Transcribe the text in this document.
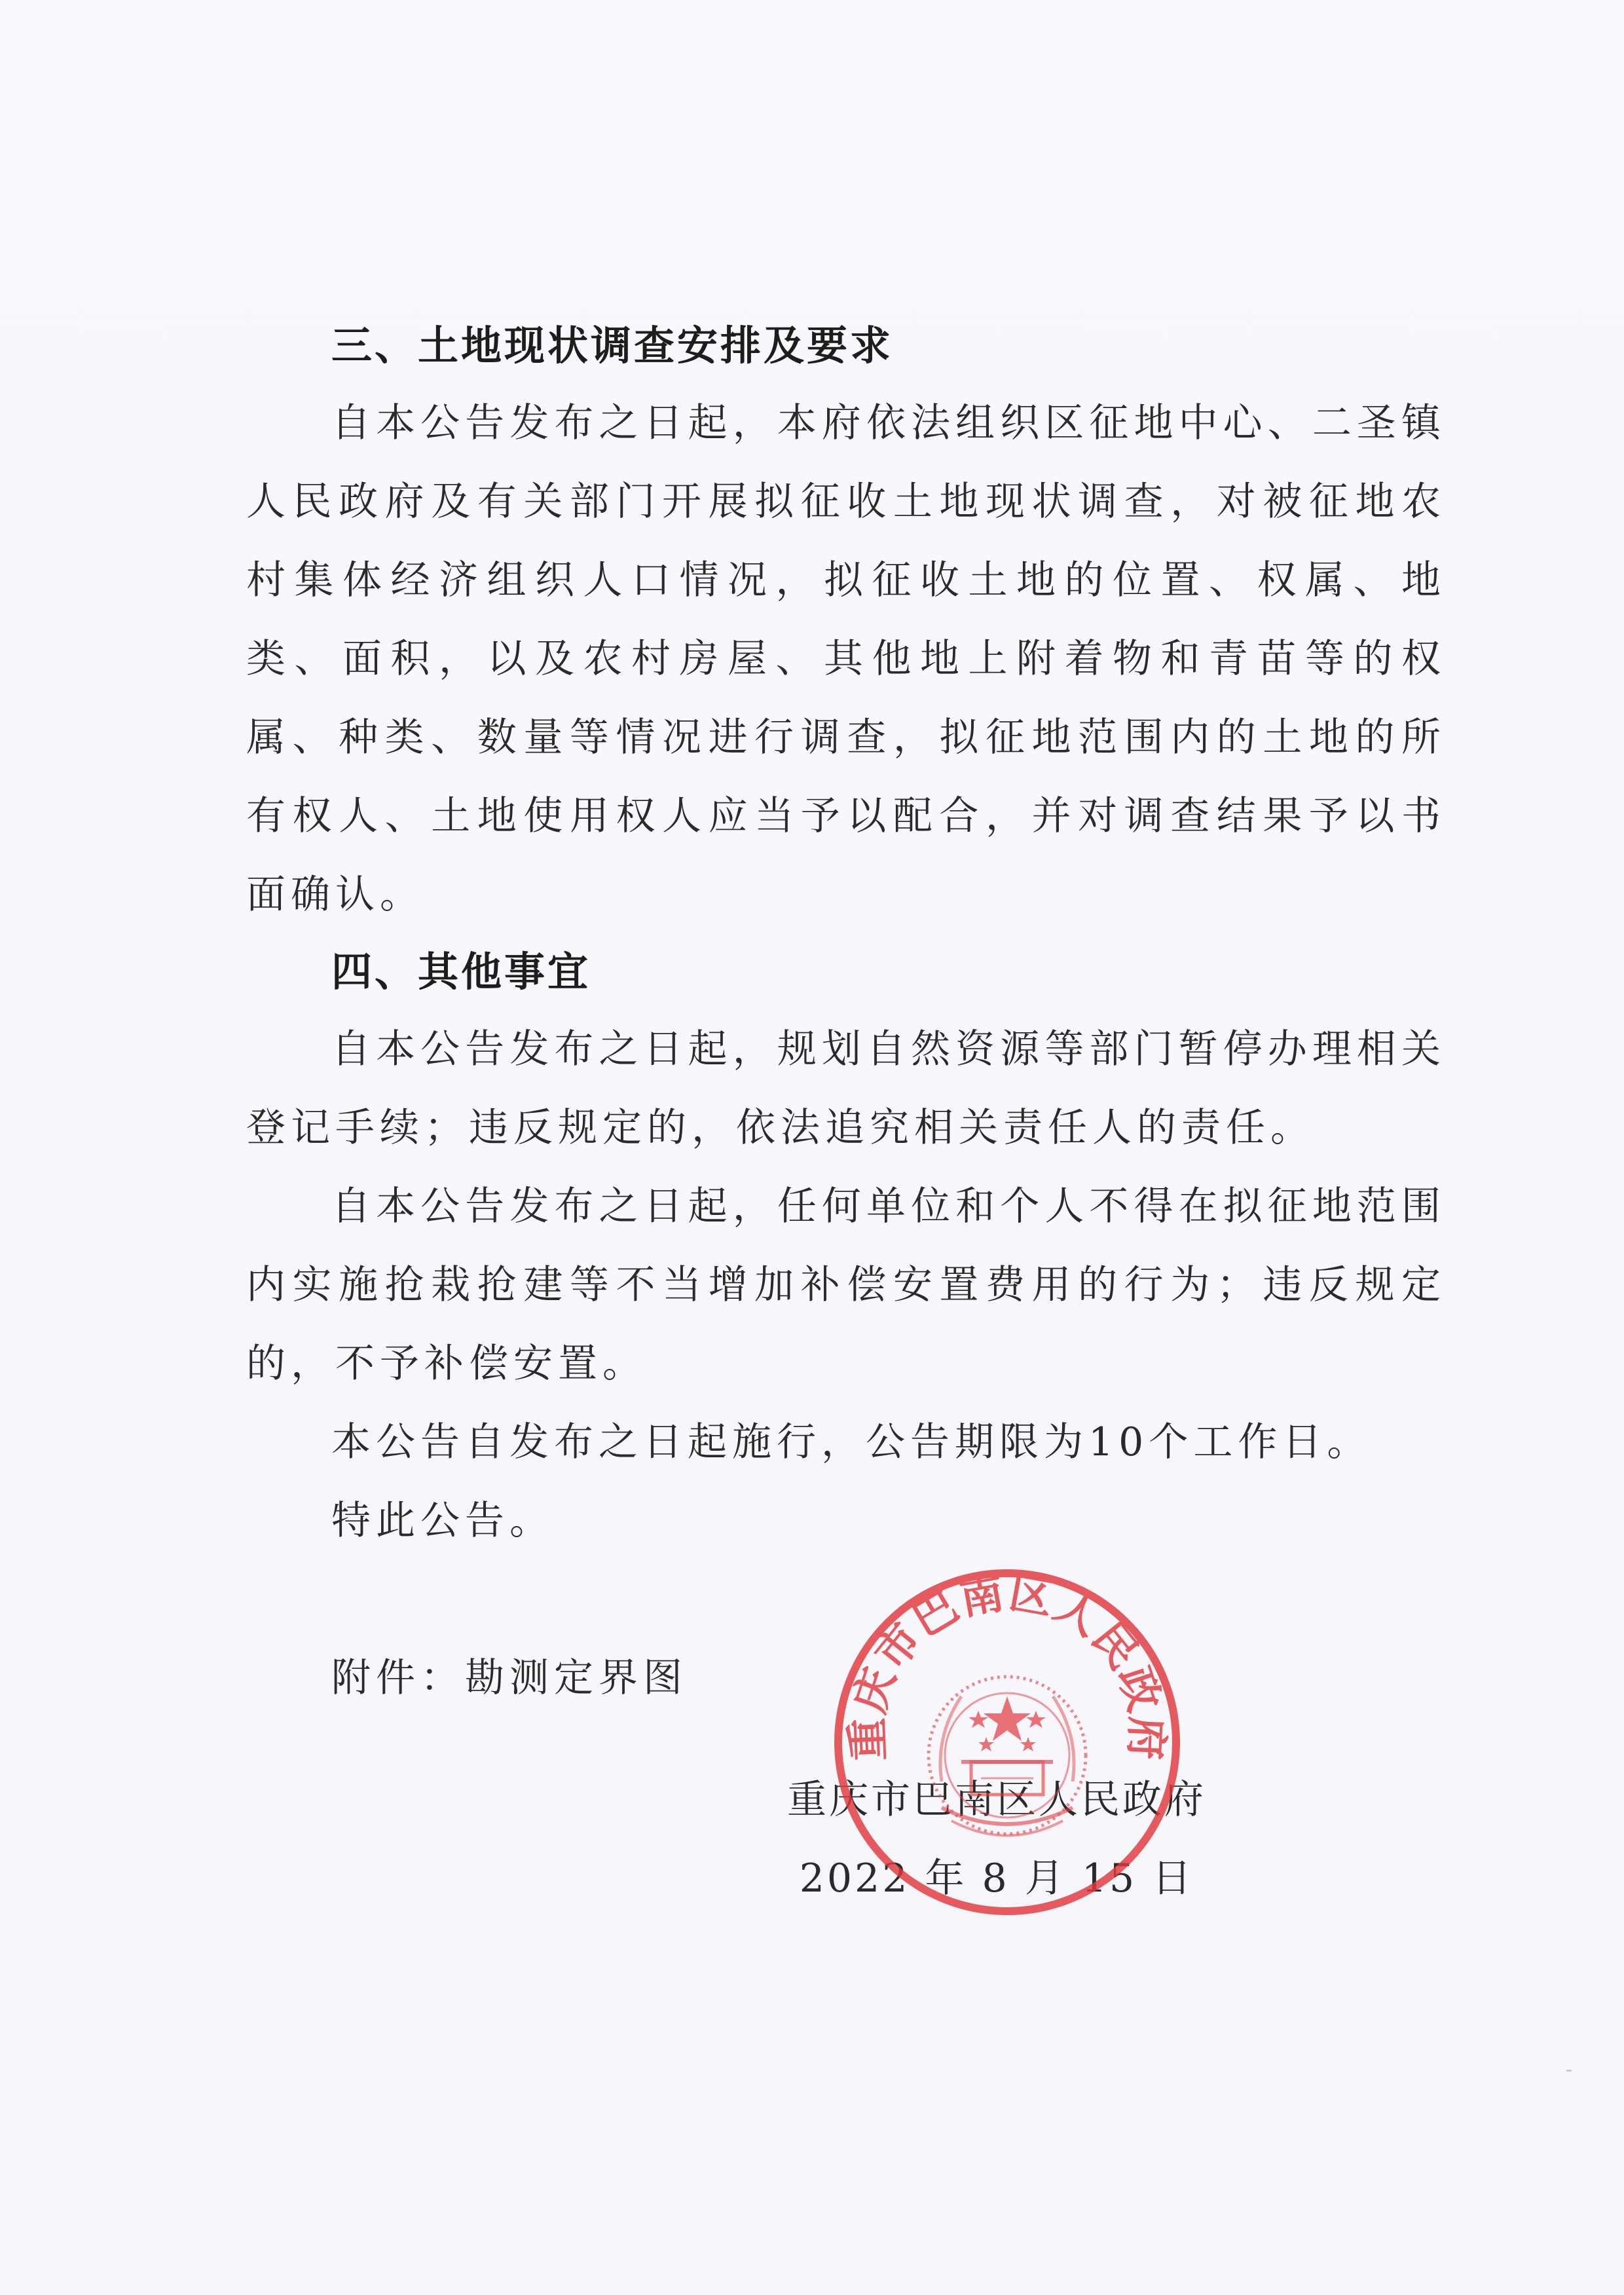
三、土地现状调查安排及要求

自本公告发布之日起，本府依法组织区征地中心、二圣镇人民政府及有关部门开展拟征收土地现状调查，对被征地农村集体经济组织人口情况，拟征收土地的位置、权属、地类、面积，以及农村房屋、其他地上附着物和青苗等的权属、种类、数量等情况进行调查，拟征地范围内的土地的所有权人、土地使用权人应当予以配合，并对调查结果予以书面确认。

四、其他事宜

自本公告发布之日起，规划自然资源等部门暂停办理相关登记手续；违反规定的，依法追究相关责任人的责任。

自本公告发布之日起，任何单位和个人不得在拟征地范围内实施抢栽抢建等不当增加补偿安置费用的行为；违反规定的，不予补偿安置。

本公告自发布之日起施行，公告期限为10个工作日。

特此公告。

附件：勘测定界图
重庆市巴南区人民政府
2022 年 8 月 15 日
重庆市巴南区人民政府
